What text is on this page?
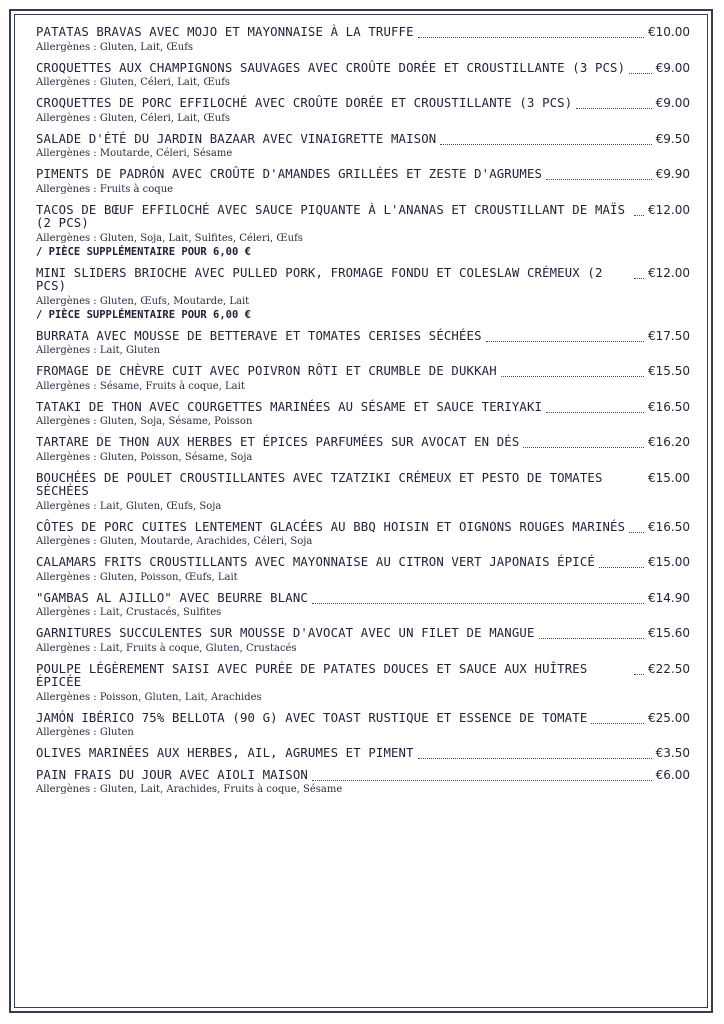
PATATAS BRAVAS AVEC MOJO ET MAYONNAISE À LA TRUFFE	€10.00
Allergènes : Gluten, Lait, Œufs
CROQUETTES AUX CHAMPIGNONS SAUVAGES AVEC CROÛTE DORÉE ET CROUSTILLANTE (3 PCS)	€9.00
Allergènes : Gluten, Céleri, Lait, Œufs
CROQUETTES DE PORC EFFILOCHÉ AVEC CROÛTE DORÉE ET CROUSTILLANTE (3 PCS)	€9.00
Allergènes : Gluten, Céleri, Lait, Œufs
SALADE D'ÉTÉ DU JARDIN BAZAAR AVEC VINAIGRETTE MAISON	€9.50
Allergènes : Moutarde, Céleri, Sésame
PIMENTS DE PADRÓN AVEC CROÛTE D'AMANDES GRILLÉES ET ZESTE D'AGRUMES	€9.90
Allergènes : Fruits à coque
TACOS DE BŒUF EFFILOCHÉ AVEC SAUCE PIQUANTE À L'ANANAS ET CROUSTILLANT DE MAÏS (2 PCS)
€12.00
Allergènes : Gluten, Soja, Lait, Sulfites, Céleri, Œufs
/ PIÈCE SUPPLÉMENTAIRE POUR 6,00 €
MINI SLIDERS BRIOCHE AVEC PULLED PORK, FROMAGE FONDU ET COLESLAW CRÉMEUX (2 PCS)
€12.00
Allergènes : Gluten, Œufs, Moutarde, Lait
/ PIÈCE SUPPLÉMENTAIRE POUR 6,00 €
BURRATA AVEC MOUSSE DE BETTERAVE ET TOMATES CERISES SÉCHÉES	€17.50
Allergènes : Lait, Gluten
FROMAGE DE CHÈVRE CUIT AVEC POIVRON RÔTI ET CRUMBLE DE DUKKAH	€15.50
Allergènes : Sésame, Fruits à coque, Lait
TATAKI DE THON AVEC COURGETTES MARINÉES AU SÉSAME ET SAUCE TERIYAKI	€16.50
Allergènes : Gluten, Soja, Sésame, Poisson
TARTARE DE THON AUX HERBES ET ÉPICES PARFUMÉES SUR AVOCAT EN DÉS	€16.20
Allergènes : Gluten, Poisson, Sésame, Soja
BOUCHÉES DE POULET CROUSTILLANTES AVEC TZATZIKI CRÉMEUX ET PESTO DE TOMATES SÉCHÉES
€15.00
Allergènes : Lait, Gluten, Œufs, Soja
CÔTES DE PORC CUITES LENTEMENT GLACÉES AU BBQ HOISIN ET OIGNONS ROUGES MARINÉS €16.50
Allergènes : Gluten, Moutarde, Arachides, Céleri, Soja
CALAMARS FRITS CROUSTILLANTS AVEC MAYONNAISE AU CITRON VERT JAPONAIS ÉPICÉ	€15.00
Allergènes : Gluten, Poisson, Œufs, Lait
"GAMBAS AL AJILLO" AVEC BEURRE BLANC	€14.90
Allergènes : Lait, Crustacés, Sulfites
GARNITURES SUCCULENTES SUR MOUSSE D'AVOCAT AVEC UN FILET DE MANGUE	€15.60
Allergènes : Lait, Fruits à coque, Gluten, Crustacés
POULPE LÉGÈREMENT SAISI AVEC PURÉE DE PATATES DOUCES ET SAUCE AUX HUÎTRES ÉPICÉE
€22.50
Allergènes : Poisson, Gluten, Lait, Arachides
JAMÓN IBÉRICO 75% BELLOTA (90 G) AVEC TOAST RUSTIQUE ET ESSENCE DE TOMATE	€25.00
Allergènes : Gluten
OLIVES MARINÉES AUX HERBES, AIL, AGRUMES ET PIMENT	€3.50
PAIN FRAIS DU JOUR AVEC AIOLI MAISON	€6.00
Allergènes : Gluten, Lait, Arachides, Fruits à coque, Sésame
